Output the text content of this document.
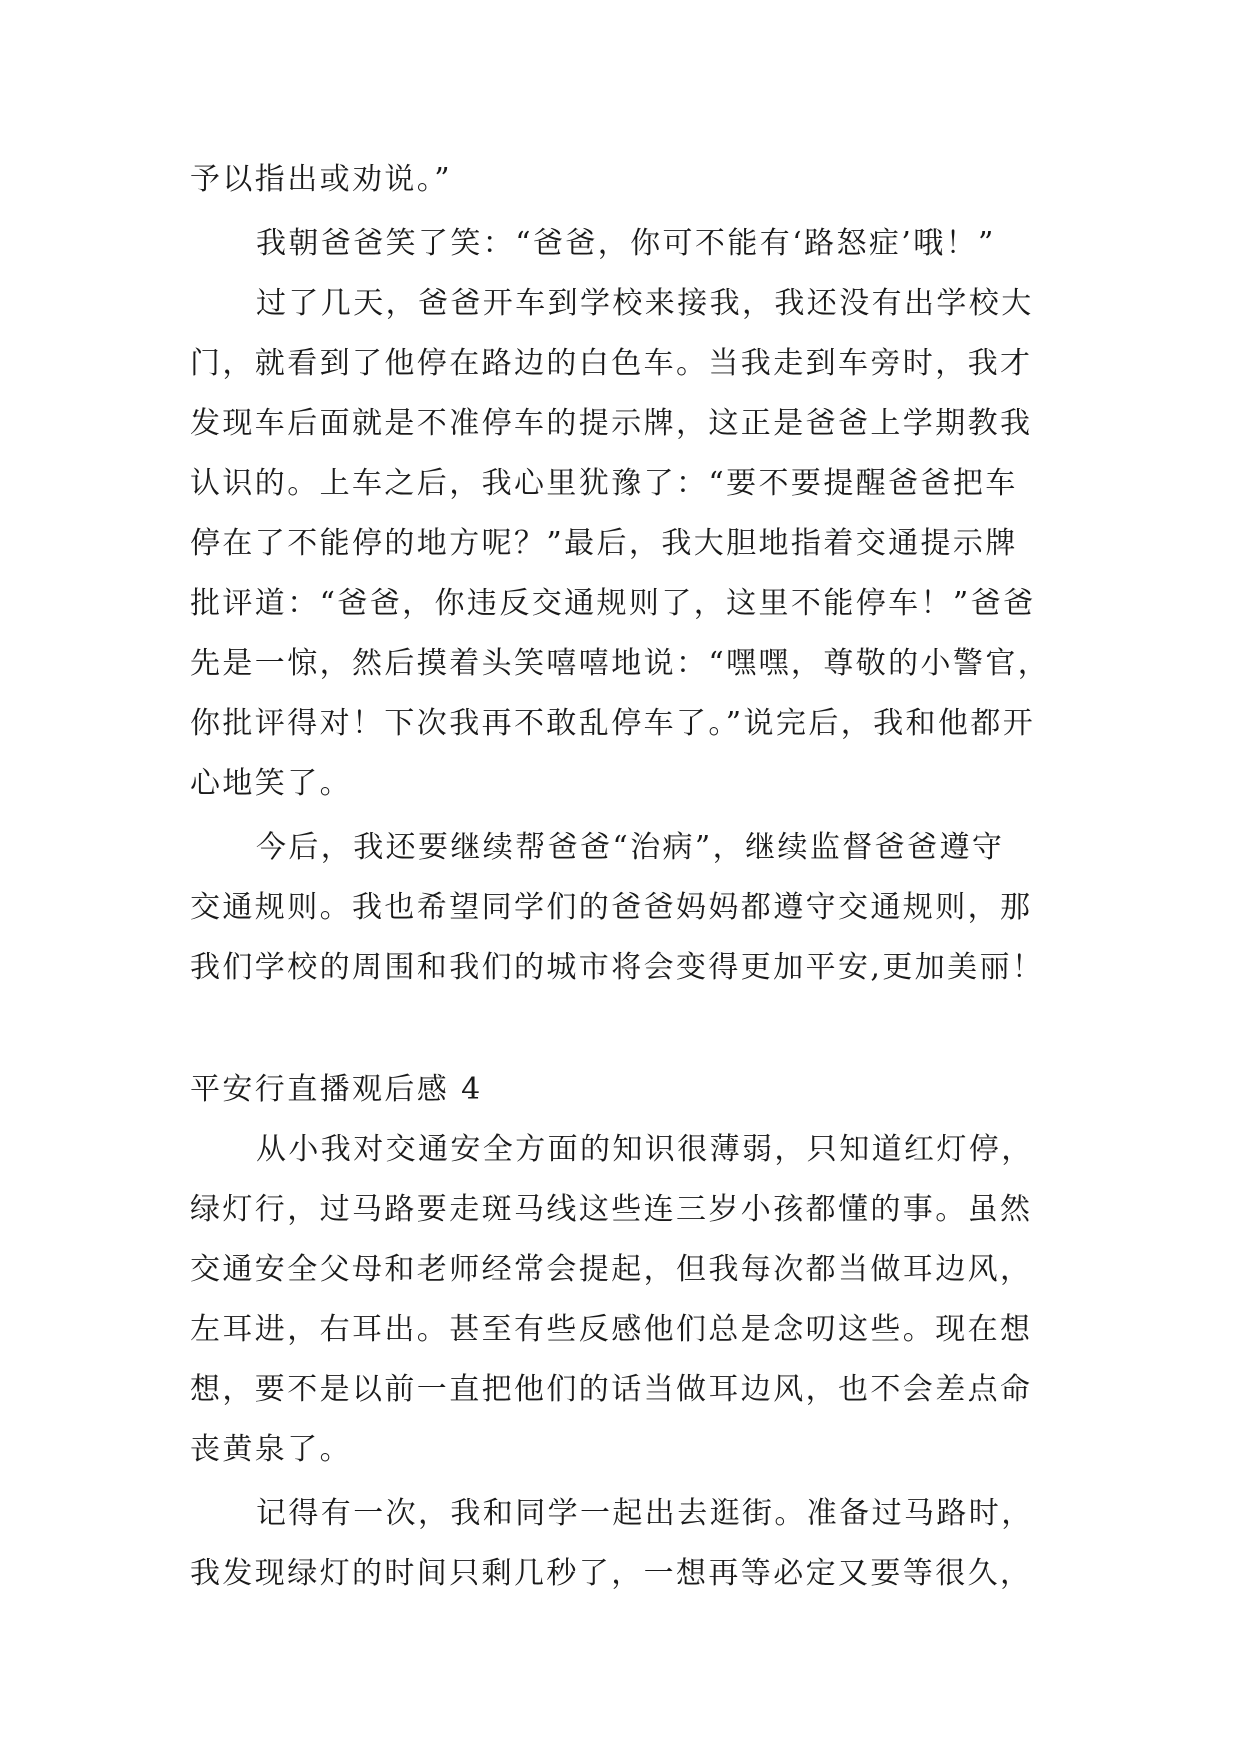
予以指出或劝说。”
我朝爸爸笑了笑：“爸爸，你可不能有‘路怒症’哦！”
过了几天，爸爸开车到学校来接我，我还没有出学校大
门，就看到了他停在路边的白色车。当我走到车旁时，我才
发现车后面就是不准停车的提示牌，这正是爸爸上学期教我
认识的。上车之后，我心里犹豫了：“要不要提醒爸爸把车
停在了不能停的地方呢？”最后，我大胆地指着交通提示牌
批评道：“爸爸，你违反交通规则了，这里不能停车！”爸爸
先是一惊，然后摸着头笑嘻嘻地说：“嘿嘿，尊敬的小警官，
你批评得对！下次我再不敢乱停车了。”说完后，我和他都开
心地笑了。
今后，我还要继续帮爸爸“治病”，继续监督爸爸遵守
交通规则。我也希望同学们的爸爸妈妈都遵守交通规则，那
我们学校的周围和我们的城市将会变得更加平安,更加美丽！
平安行直播观后感 4
从小我对交通安全方面的知识很薄弱，只知道红灯停，
绿灯行，过马路要走斑马线这些连三岁小孩都懂的事。虽然
交通安全父母和老师经常会提起，但我每次都当做耳边风，
左耳进，右耳出。甚至有些反感他们总是念叨这些。现在想
想，要不是以前一直把他们的话当做耳边风，也不会差点命
丧黄泉了。
记得有一次，我和同学一起出去逛街。准备过马路时，
我发现绿灯的时间只剩几秒了，一想再等必定又要等很久，
